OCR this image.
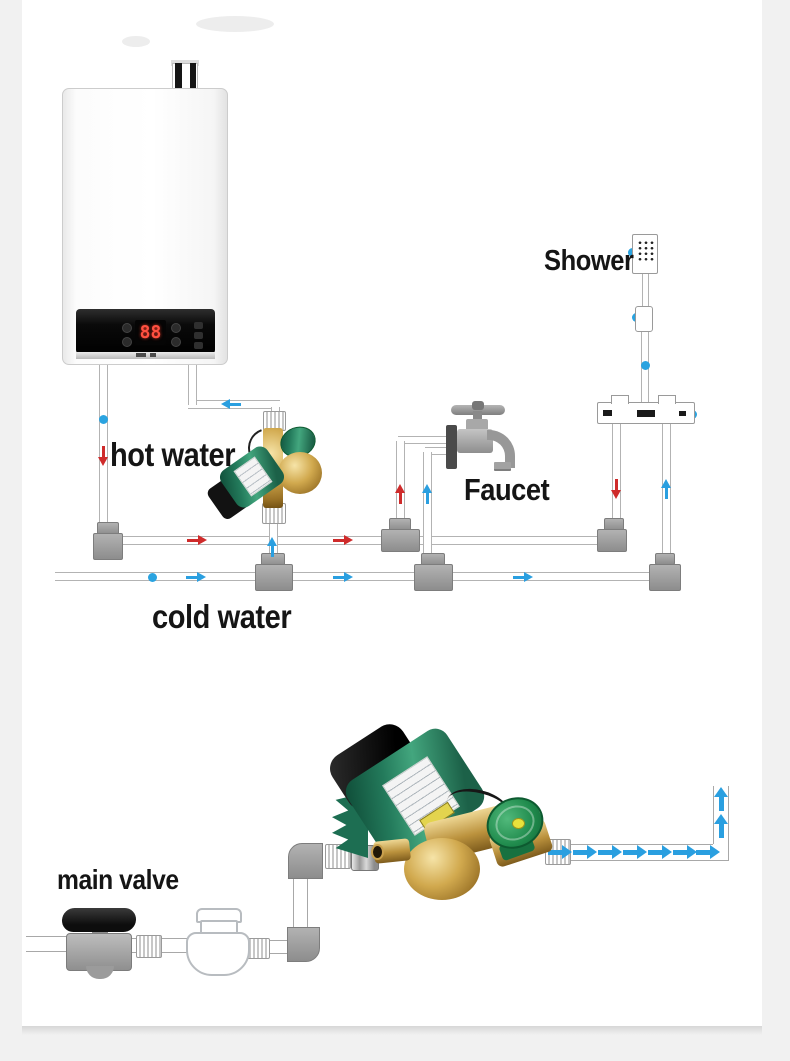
88
hot water
Faucet
Shower
cold water
main valve
